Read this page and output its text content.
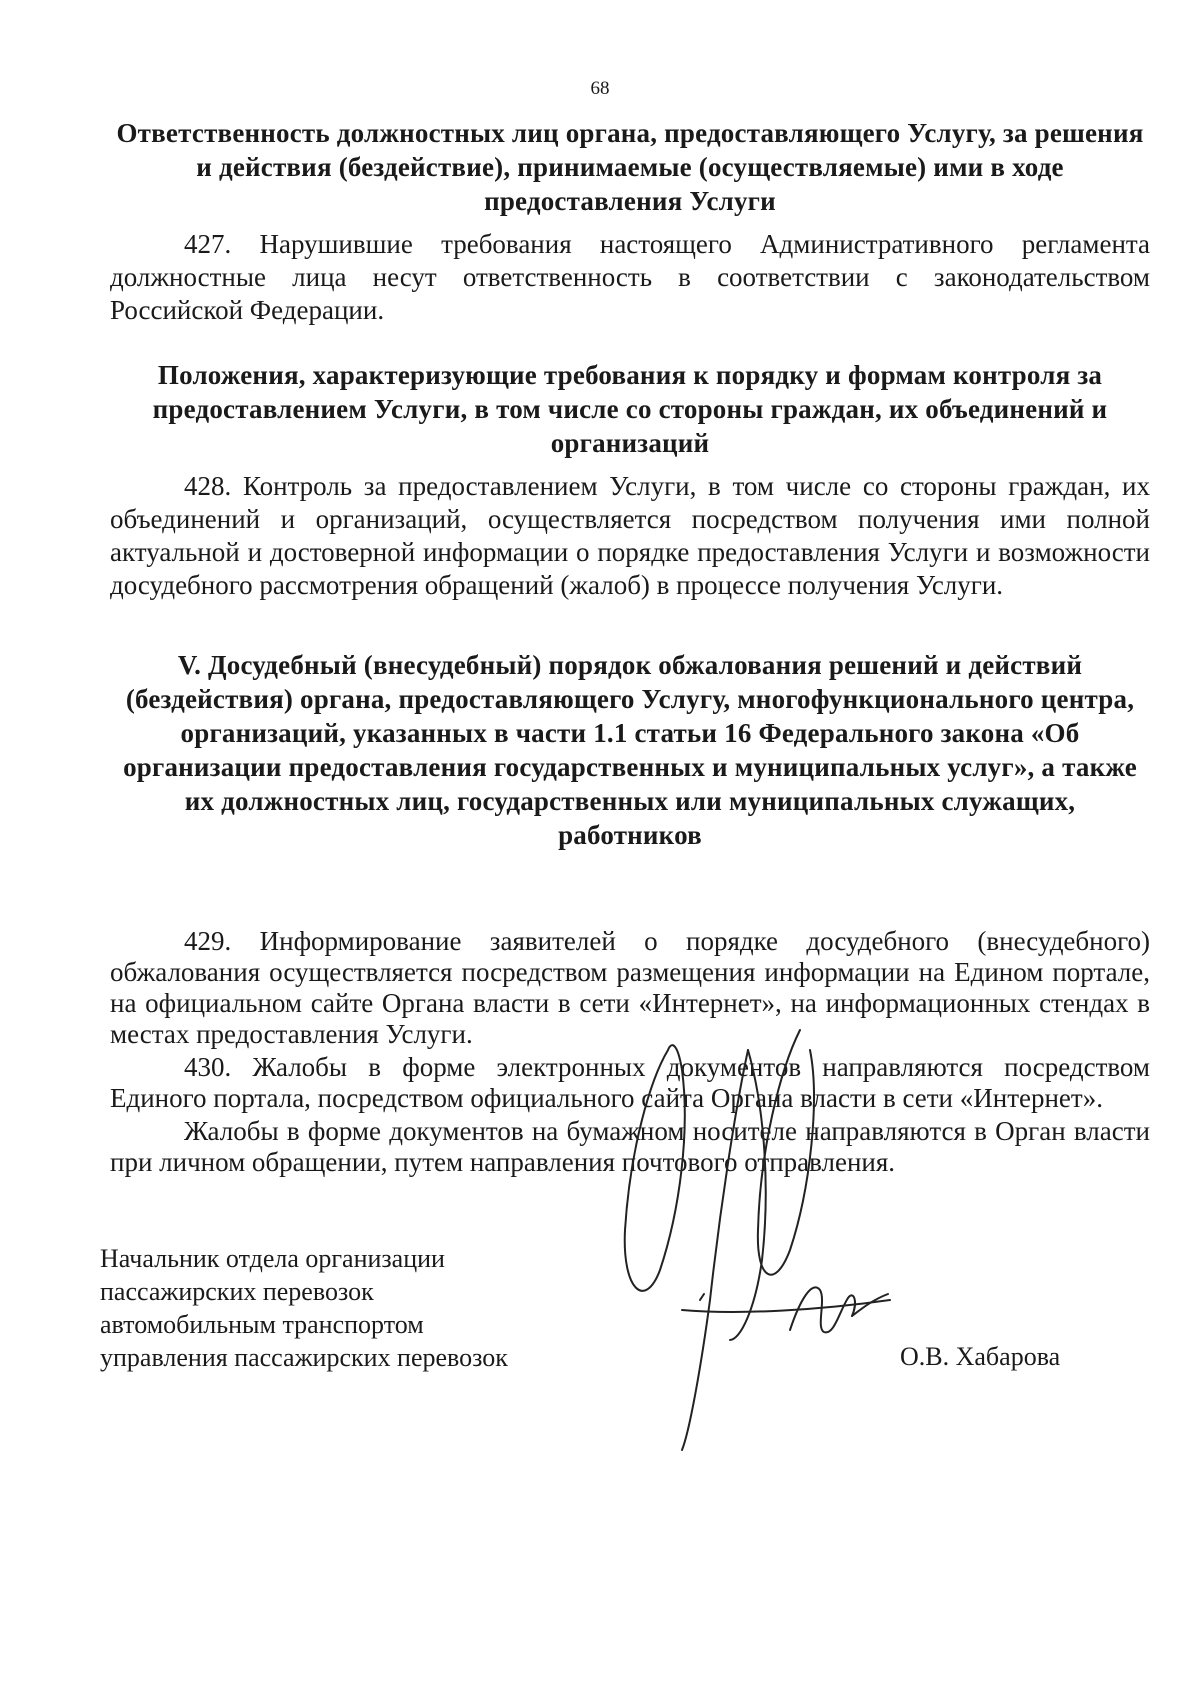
68
Ответственность должностных лиц органа, предоставляющего Услугу, за решения и действия (бездействие), принимаемые (осуществляемые) ими в ходе предоставления Услуги
427. Нарушившие требования настоящего Административного регламента должностные лица несут ответственность в соответствии с законодательством Российской Федерации.
Положения, характеризующие требования к порядку и формам контроля за предоставлением Услуги, в том числе со стороны граждан, их объединений и организаций
428. Контроль за предоставлением Услуги, в том числе со стороны граждан, их объединений и организаций, осуществляется посредством получения ими полной актуальной и достоверной информации о порядке предоставления Услуги и возможности досудебного рассмотрения обращений (жалоб) в процессе получения Услуги.
V. Досудебный (внесудебный) порядок обжалования решений и действий (бездействия) органа, предоставляющего Услугу, многофункционального центра, организаций, указанных в части 1.1 статьи 16 Федерального закона «Об организации предоставления государственных и муниципальных услуг», а также их должностных лиц, государственных или муниципальных служащих, работников
429. Информирование заявителей о порядке досудебного (внесудебного) обжалования осуществляется посредством размещения информации на Едином портале, на официальном сайте Органа власти в сети «Интернет», на информационных стендах в местах предоставления Услуги.
430. Жалобы в форме электронных документов направляются посредством Единого портала, посредством официального сайта Органа власти в сети «Интернет».
Жалобы в форме документов на бумажном носителе направляются в Орган власти при личном обращении, путем направления почтового отправления.
Начальник отдела организации
пассажирских перевозок
автомобильным транспортом
управления пассажирских перевозок	О.В. Хабарова
